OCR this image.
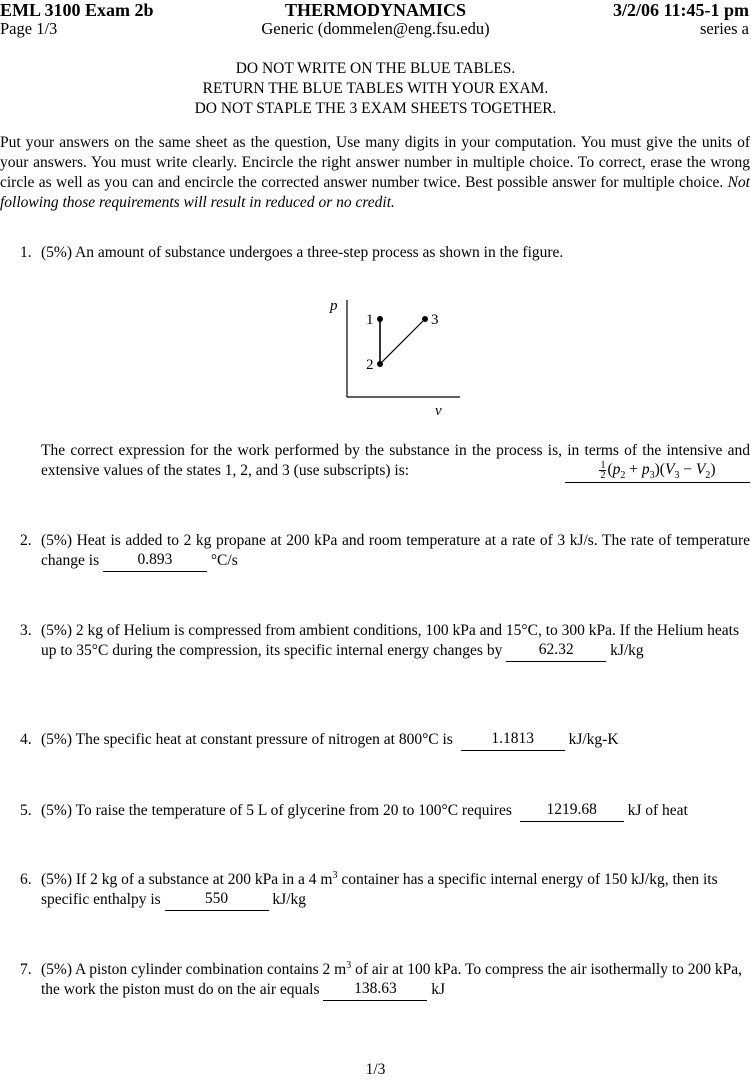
EML 3100 Exam 2b	THERMODYNAMICS	3/2/06 11:45-1 pm
Page 1/3	Generic (dommelen@eng.fsu.edu)	series a
DO NOT WRITE ON THE BLUE TABLES.
RETURN THE BLUE TABLES WITH YOUR EXAM.
DO NOT STAPLE THE 3 EXAM SHEETS TOGETHER.
Put your answers on the same sheet as the question, Use many digits in your computation. You must give the units of your answers. You must write clearly. Encircle the right answer number in multiple choice. To correct, erase the wrong circle as well as you can and encircle the corrected answer number twice. Best possible answer for multiple choice. Not following those requirements will result in reduced or no credit.
1. (5%) An amount of substance undergoes a three-step process as shown in the figure.
p
v
1
2
3
The correct expression for the work performed by the substance in the process is, in terms of the intensive and extensive values of the states 1, 2, and 3 (use subscripts) is:	$\frac{1}{2} (p_2 + p_3)(V_3 - V_2)$
2. (5%) Heat is added to 2 kg propane at 200 kPa and room temperature at a rate of 3 kJ/s. The rate of temperature change is 0.893 °C/s
3. (5%) 2 kg of Helium is compressed from ambient conditions, 100 kPa and 15°C, to 300 kPa. If the Helium heats up to 35°C during the compression, its specific internal energy changes by 62.32 kJ/kg
4. (5%) The specific heat at constant pressure of nitrogen at 800°C is 1.1813 kJ/kg-K
5. (5%) To raise the temperature of 5 L of glycerine from 20 to 100°C requires 1219.68 kJ of heat
6. (5%) If 2 kg of a substance at 200 kPa in a 4 $m^3$ container has a specific internal energy of 150 kJ/kg, then its specific enthalpy is	550	kJ/kg
7. (5%) A piston cylinder combination contains 2 $m^3$ of air at 100 kPa. To compress the air isothermally to 200 kPa, the work the piston must do on the air equals 138.63 kJ
1/3
